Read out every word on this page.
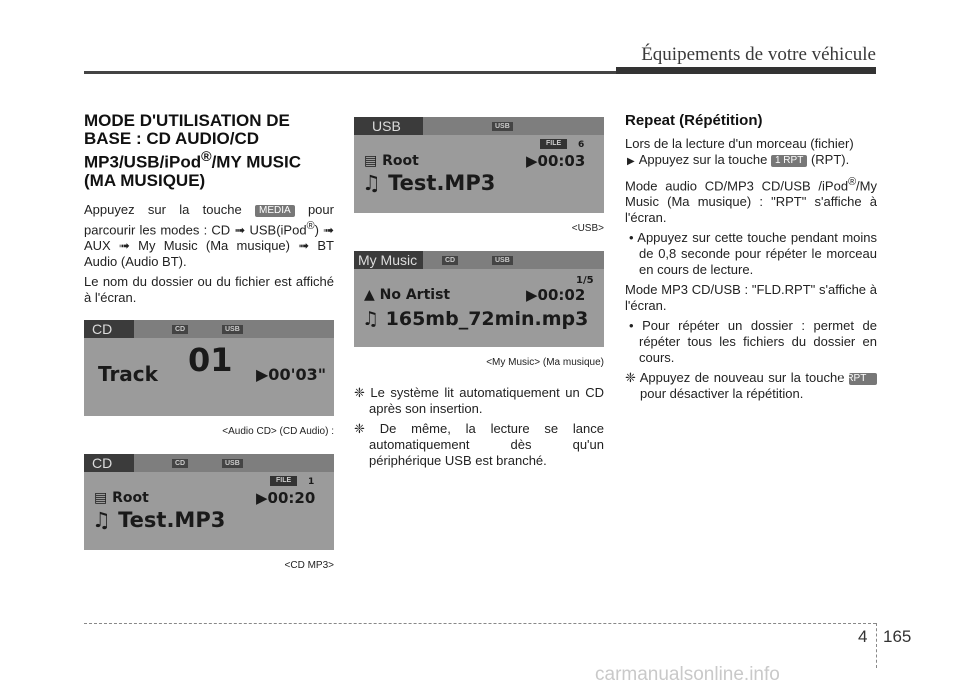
Équipements de votre véhicule
MODE D'UTILISATION DE BASE : CD AUDIO/CD MP3/USB/iPod®/MY MUSIC (MA MUSIQUE)

Appuyez sur la touche MEDIA pour parcourir les modes : CD ➟ USB(iPod®) ➟ AUX ➟ My Music (Ma musique) ➟ BT Audio (Audio BT).

Le nom du dossier ou du fichier est affiché à l'écran.

CD	CD	USB
Track 01 ▶00'03"
<Audio CD> (CD Audio) :
CD	CD	USB
FILE	1
▤ Root	▶00:20
♫ Test.MP3
<CD MP3>
USB	USB
FILE	6
▤ Root	▶00:03
♫ Test.MP3
<USB>
My Music	CD	USB
1/5
▲ No Artist	▶00:02
♫ 165mb_72min.mp3
<My Music> (Ma musique)

❈ Le système lit automatiquement un CD après son insertion.

❈ De même, la lecture se lance automatiquement dès qu'un périphérique USB est branché.

Repeat (Répétition)

Lors de la lecture d'un morceau (fichier)
▶ Appuyez sur la touche 1 RPT (RPT).

Mode audio CD/MP3 CD/USB /iPod®/My Music (Ma musique) : "RPT" s'affiche à l'écran.

• Appuyez sur cette touche pendant moins de 0,8 seconde pour répéter le morceau en cours de lecture.

Mode MP3 CD/USB : "FLD.RPT" s'affiche à l'écran.

• Pour répéter un dossier : permet de répéter tous les fichiers du dossier en cours.

❈ Appuyez de nouveau sur la touche 1 RPT pour désactiver la répétition.

4 165
carmanualsonline.info
